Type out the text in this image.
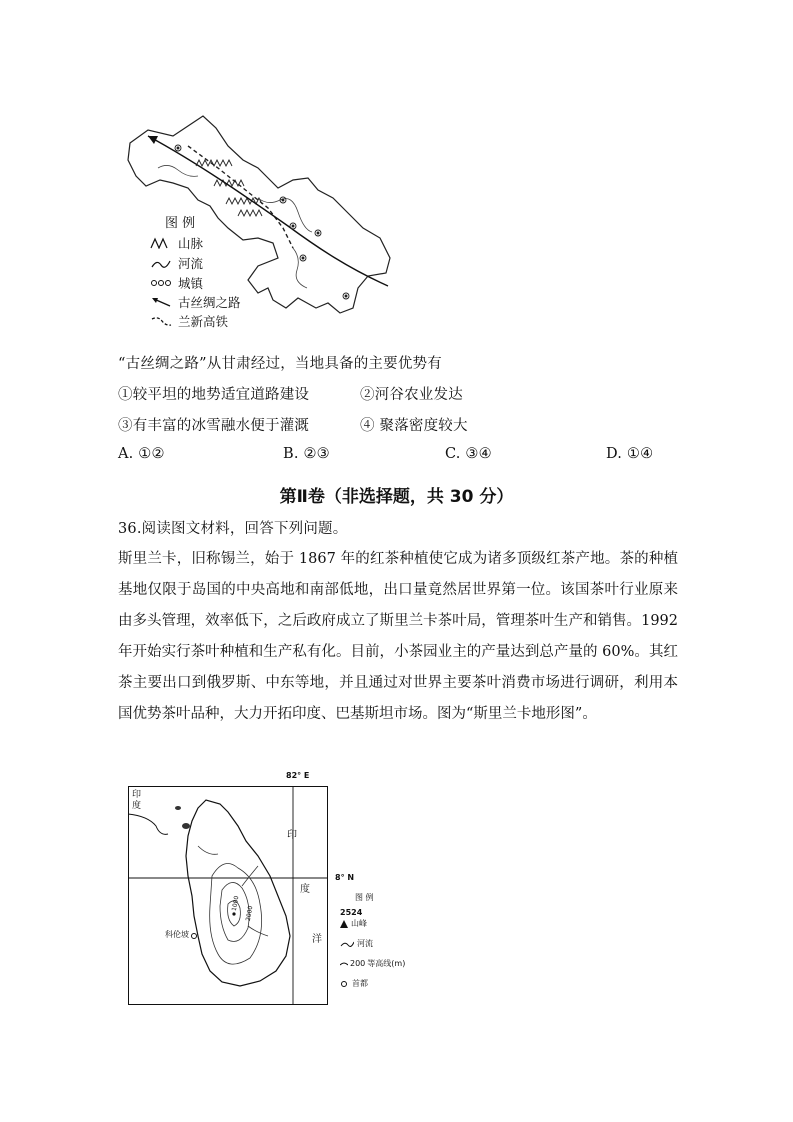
图 例
山脉
河流
城镇
古丝绸之路
兰新高铁
“古丝绸之路”从甘肃经过，当地具备的主要优势有
①较平坦的地势适宜道路建设	②河谷农业发达
③有丰富的冰雪融水便于灌溉	④ 聚落密度较大
A. ①②	B. ②③	C. ③④	D. ①④
第Ⅱ卷（非选择题，共 30 分）
36.阅读图文材料，回答下列问题。
斯里兰卡，旧称锡兰，始于 1867 年的红茶种植使它成为诸多顶级红茶产地。茶的种植基地仅限于岛国的中央高地和南部低地，出口量竟然居世界第一位。该国茶叶行业原来由多头管理，效率低下，之后政府成立了斯里兰卡茶叶局，管理茶叶生产和销售。1992 年开始实行茶叶种植和生产私有化。目前，小茶园业主的产量达到总产量的 60%。其红茶主要出口到俄罗斯、中东等地，并且通过对世界主要茶叶消费市场进行调研，利用本国优势茶叶品种，大力开拓印度、巴基斯坦市场。图为“斯里兰卡地形图”。
82° E
8° N
印度
印
度
洋
科伦坡
1000
2000
图 例
2524
山峰
河流
200 等高线(m)
首都
